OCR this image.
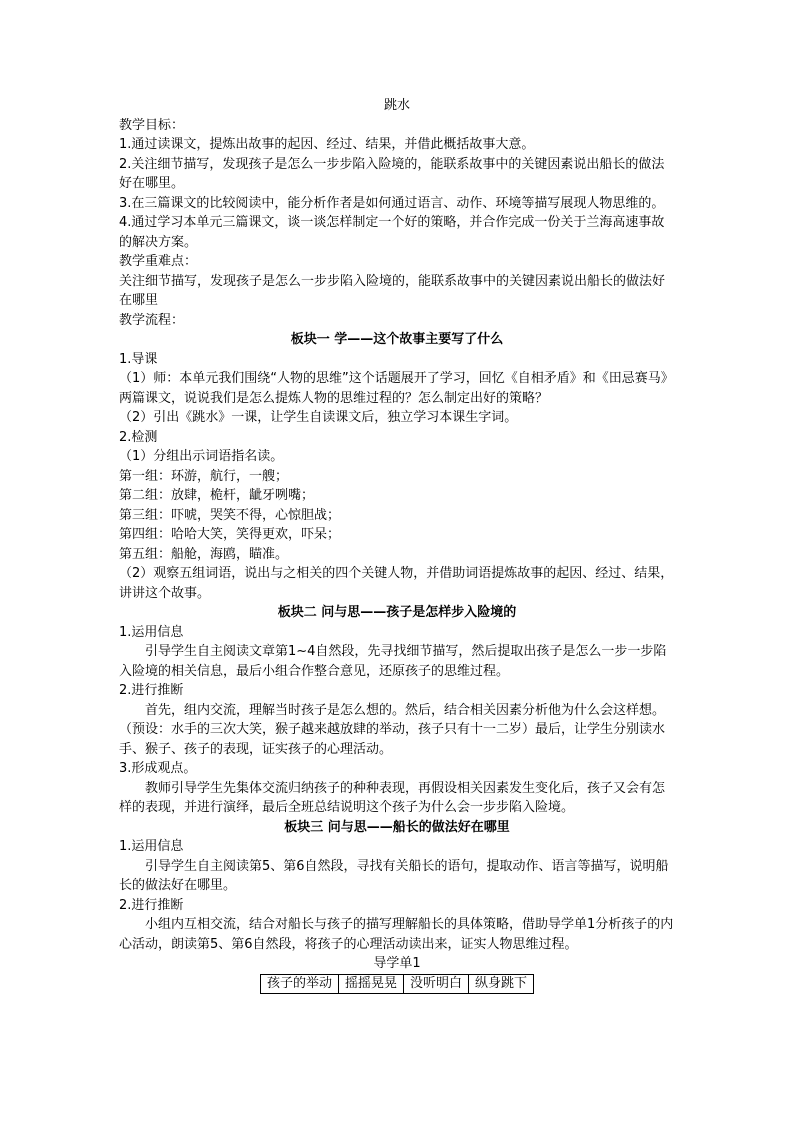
跳水

教学目标：

1.通过读课文，提炼出故事的起因、经过、结果，并借此概括故事大意。

2.关注细节描写，发现孩子是怎么一步步陷入险境的，能联系故事中的关键因素说出船长的做法好在哪里。

3.在三篇课文的比较阅读中，能分析作者是如何通过语言、动作、环境等描写展现人物思维的。

4.通过学习本单元三篇课文，谈一谈怎样制定一个好的策略，并合作完成一份关于兰海高速事故的解决方案。

教学重难点：

关注细节描写，发现孩子是怎么一步步陷入险境的，能联系故事中的关键因素说出船长的做法好在哪里

教学流程：

板块一 学——这个故事主要写了什么

1.导课

（1）师：本单元我们围绕“人物的思维”这个话题展开了学习，回忆《自相矛盾》和《田忌赛马》两篇课文，说说我们是怎么提炼人物的思维过程的？怎么制定出好的策略？

（2）引出《跳水》一课，让学生自读课文后，独立学习本课生字词。

2.检测

（1）分组出示词语指名读。

第一组：环游，航行，一艘；

第二组：放肆，桅杆，龇牙咧嘴；

第三组：吓唬，哭笑不得，心惊胆战；

第四组：哈哈大笑，笑得更欢，吓呆；

第五组：船舱，海鸥，瞄准。

（2）观察五组词语，说出与之相关的四个关键人物，并借助词语提炼故事的起因、经过、结果，讲讲这个故事。

板块二 问与思——孩子是怎样步入险境的

1.运用信息

引导学生自主阅读文章第1~4自然段，先寻找细节描写，然后提取出孩子是怎么一步一步陷入险境的相关信息，最后小组合作整合意见，还原孩子的思维过程。

2.进行推断

首先，组内交流，理解当时孩子是怎么想的。然后，结合相关因素分析他为什么会这样想。（预设：水手的三次大笑，猴子越来越放肆的举动，孩子只有十一二岁）最后，让学生分别读水手、猴子、孩子的表现，证实孩子的心理活动。

3.形成观点。

教师引导学生先集体交流归纳孩子的种种表现，再假设相关因素发生变化后，孩子又会有怎样的表现，并进行演绎，最后全班总结说明这个孩子为什么会一步步陷入险境。

板块三 问与思——船长的做法好在哪里

1.运用信息

引导学生自主阅读第5、第6自然段，寻找有关船长的语句，提取动作、语言等描写，说明船长的做法好在哪里。

2.进行推断

小组内互相交流，结合对船长与孩子的描写理解船长的具体策略，借助导学单1分析孩子的内心活动，朗读第5、第6自然段，将孩子的心理活动读出来，证实人物思维过程。

导学单1

孩子的举动	摇摇晃晃	没听明白	纵身跳下
